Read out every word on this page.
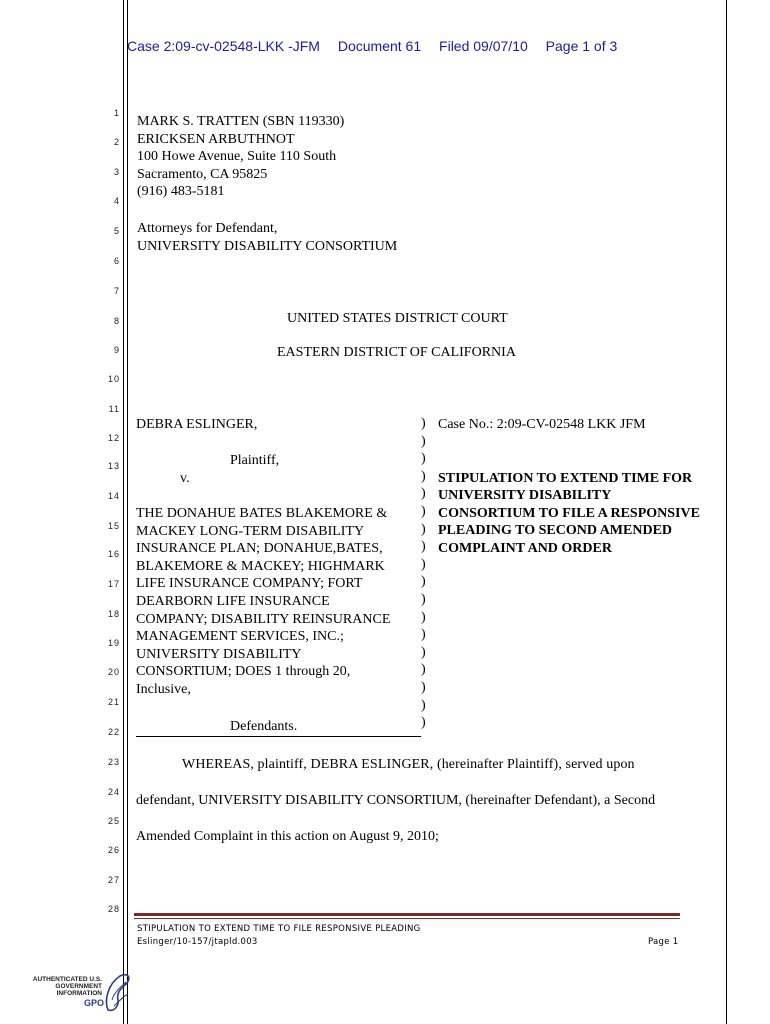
Case 2:09-cv-02548-LKK -JFM Document 61 Filed 09/07/10 Page 1 of 3
1
2
3
4
5
6
7
8
9
10
11
12
13
14
15
16
17
18
19
20
21
22
23
24
25
26
27
28
MARK S. TRATTEN (SBN 119330)
ERICKSEN ARBUTHNOT
100 Howe Avenue, Suite 110 South
Sacramento, CA 95825
(916) 483-5181
Attorneys for Defendant,
UNIVERSITY DISABILITY CONSORTIUM
UNITED STATES DISTRICT COURT
EASTERN DISTRICT OF CALIFORNIA
DEBRA ESLINGER,
Plaintiff,
v.
THE DONAHUE BATES BLAKEMORE &
MACKEY LONG-TERM DISABILITY
INSURANCE PLAN; DONAHUE,BATES,
BLAKEMORE & MACKEY; HIGHMARK
LIFE INSURANCE COMPANY; FORT
DEARBORN LIFE INSURANCE
COMPANY; DISABILITY REINSURANCE
MANAGEMENT SERVICES, INC.;
UNIVERSITY DISABILITY
CONSORTIUM; DOES 1 through 20,
Inclusive,
Defendants.
)
)
)
)
)
)
)
)
)
)
)
)
)
)
)
)
)
)
Case No.: 2:09-CV-02548 LKK JFM
STIPULATION TO EXTEND TIME FOR
UNIVERSITY DISABILITY
CONSORTIUM TO FILE A RESPONSIVE
PLEADING TO SECOND AMENDED
COMPLAINT AND ORDER
WHEREAS, plaintiff, DEBRA ESLINGER, (hereinafter Plaintiff), served upon
defendant, UNIVERSITY DISABILITY CONSORTIUM, (hereinafter Defendant), a Second
Amended Complaint in this action on August 9, 2010;
STIPULATION TO EXTEND TIME TO FILE RESPONSIVE PLEADING
Eslinger/10-157/jtapld.003	Page 1
AUTHENTICATED U.S. GOVERNMENT INFORMATION
GPO
